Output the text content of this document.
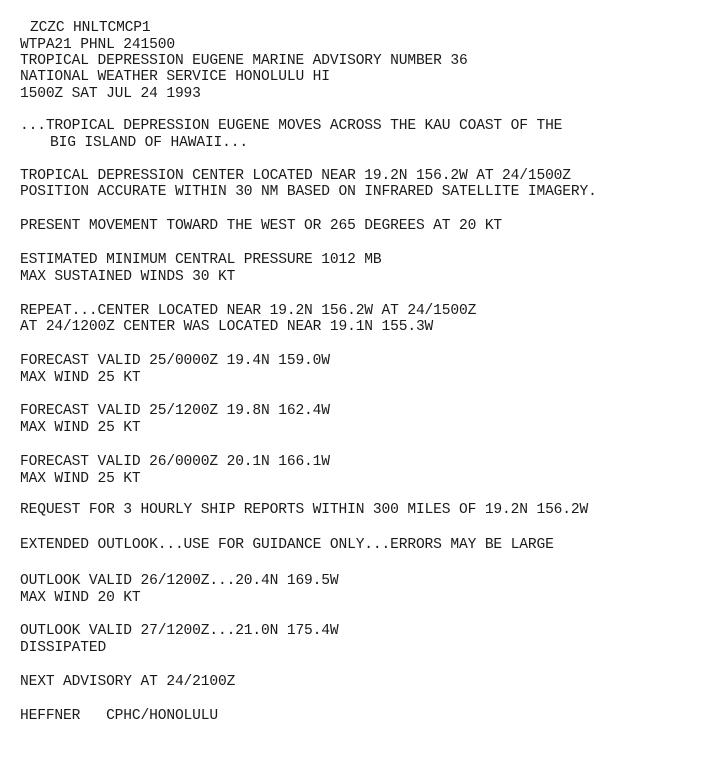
ZCZC HNLTCMCP1
WTPA21 PHNL 241500
TROPICAL DEPRESSION EUGENE MARINE ADVISORY NUMBER 36
NATIONAL WEATHER SERVICE HONOLULU HI
1500Z SAT JUL 24 1993
...TROPICAL DEPRESSION EUGENE MOVES ACROSS THE KAU COAST OF THE
BIG ISLAND OF HAWAII...
TROPICAL DEPRESSION CENTER LOCATED NEAR 19.2N 156.2W AT 24/1500Z
POSITION ACCURATE WITHIN 30 NM BASED ON INFRARED SATELLITE IMAGERY.
PRESENT MOVEMENT TOWARD THE WEST OR 265 DEGREES AT 20 KT
ESTIMATED MINIMUM CENTRAL PRESSURE 1012 MB
MAX SUSTAINED WINDS 30 KT
REPEAT...CENTER LOCATED NEAR 19.2N 156.2W AT 24/1500Z
AT 24/1200Z CENTER WAS LOCATED NEAR 19.1N 155.3W
FORECAST VALID 25/0000Z 19.4N 159.0W
MAX WIND 25 KT
FORECAST VALID 25/1200Z 19.8N 162.4W
MAX WIND 25 KT
FORECAST VALID 26/0000Z 20.1N 166.1W
MAX WIND 25 KT
REQUEST FOR 3 HOURLY SHIP REPORTS WITHIN 300 MILES OF 19.2N 156.2W
EXTENDED OUTLOOK...USE FOR GUIDANCE ONLY...ERRORS MAY BE LARGE
OUTLOOK VALID 26/1200Z...20.4N 169.5W
MAX WIND 20 KT
OUTLOOK VALID 27/1200Z...21.0N 175.4W
DISSIPATED
NEXT ADVISORY AT 24/2100Z
HEFFNER   CPHC/HONOLULU
